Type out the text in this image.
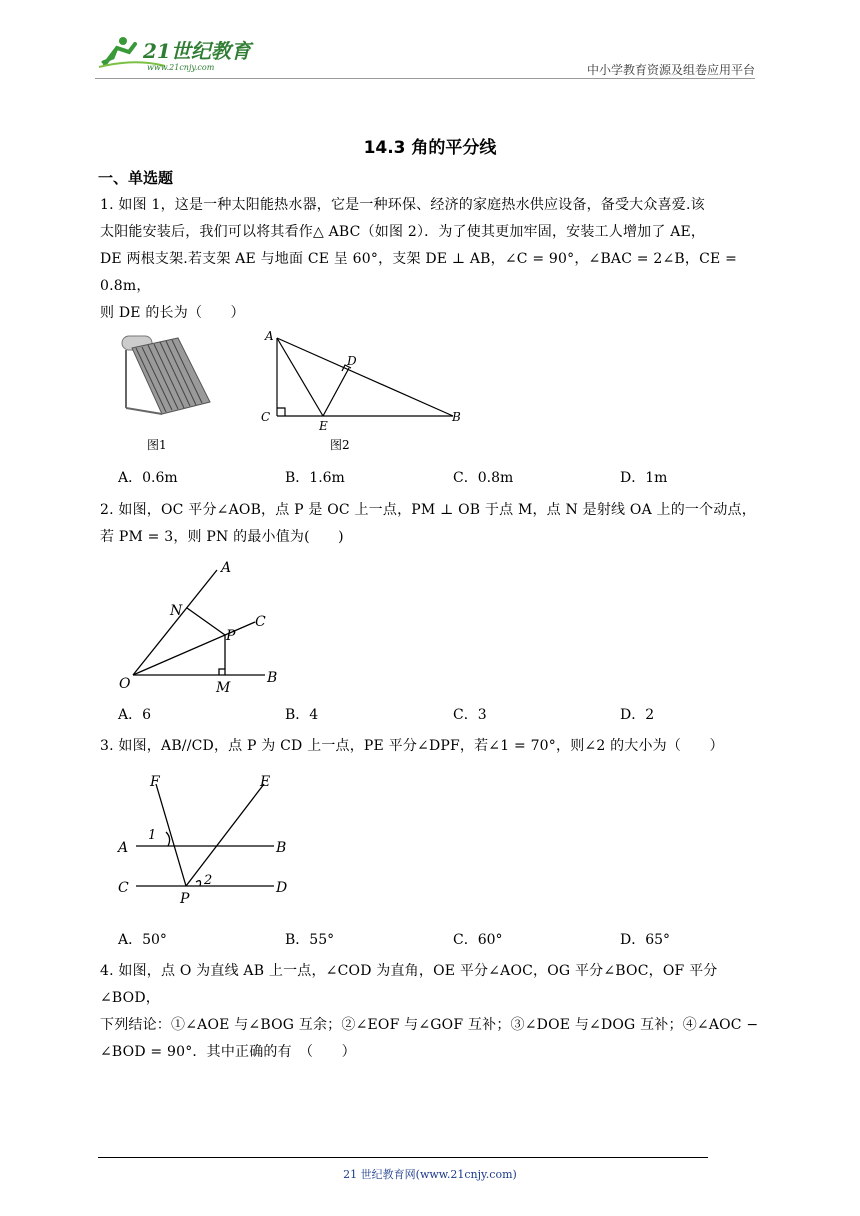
21世纪教育
www.21cnjy.com	中小学教育资源及组卷应用平台
14.3 角的平分线
一、单选题
1. 如图 1，这是一种太阳能热水器，它是一种环保、经济的家庭热水供应设备，备受大众喜爱.该
太阳能安装后，我们可以将其看作△ ABC（如图 2）．为了使其更加牢固，安装工人增加了 AE，
DE 两根支架.若支架 AE 与地面 CE 呈 60°，支架 DE ⊥ AB，∠C = 90°，∠BAC = 2∠B，CE = 0.8m，
则 DE 的长为（　　）
图1
A
D
C
E
B
图2
A．0.6m	B．1.6m	C．0.8m	D．1m
2. 如图，OC 平分∠AOB，点 P 是 OC 上一点，PM ⊥ OB 于点 M，点 N 是射线 OA 上的一个动点，
若 PM = 3，则 PN 的最小值为(　　)
A
N
C
P
O	M
B
A．6	B．4	C．3	D．2
3. 如图，AB//CD，点 P 为 CD 上一点，PE 平分∠DPF，若∠1 = 70°，则∠2 的大小为（　　）
F	E
1
A	B
C	2	D
P
A．50°	B．55°	C．60°	D．65°
4. 如图，点 O 为直线 AB 上一点，∠COD 为直角，OE 平分∠AOC，OG 平分∠BOC，OF 平分∠BOD，
下列结论：①∠AOE 与∠BOG 互余；②∠EOF 与∠GOF 互补；③∠DOE 与∠DOG 互补；④∠AOC −
∠BOD = 90°．其中正确的有　（　　）
21 世纪教育网(www.21cnjy.com)
